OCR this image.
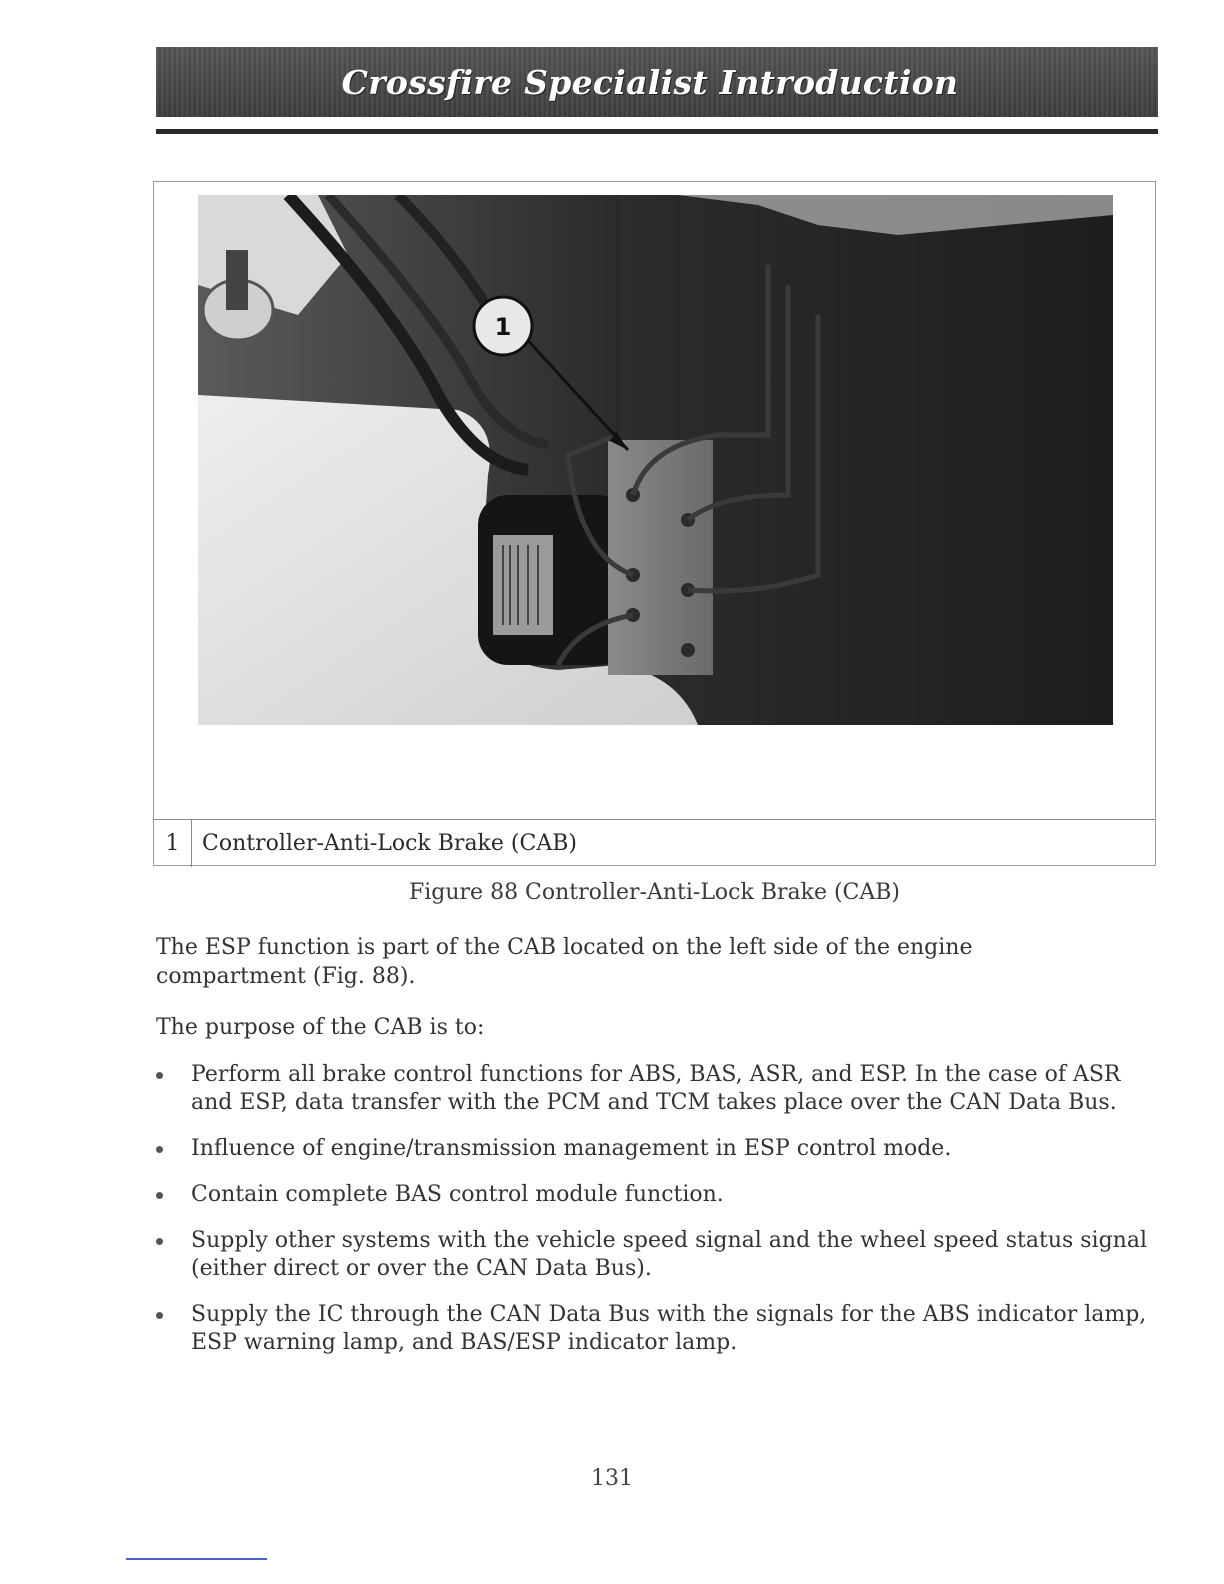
Crossfire Specialist Introduction
1
1	Controller-Anti-Lock Brake (CAB)
Figure 88 Controller-Anti-Lock Brake (CAB)
The ESP function is part of the CAB located on the left side of the engine compartment (Fig. 88).
The purpose of the CAB is to:
Perform all brake control functions for ABS, BAS, ASR, and ESP. In the case of ASR and ESP, data transfer with the PCM and TCM takes place over the CAN Data Bus.
Influence of engine/transmission management in ESP control mode.
Contain complete BAS control module function.
Supply other systems with the vehicle speed signal and the wheel speed status signal (either direct or over the CAN Data Bus).
Supply the IC through the CAN Data Bus with the signals for the ABS indicator lamp, ESP warning lamp, and BAS/ESP indicator lamp.
131
